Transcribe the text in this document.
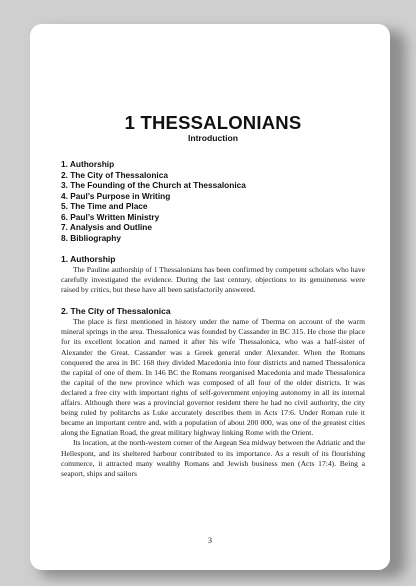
1 THESSALONIANS
Introduction
1. Authorship
2. The City of Thessalonica
3. The Founding of the Church at Thessalonica
4. Paul’s Purpose in Writing
5. The Time and Place
6. Paul’s Written Ministry
7. Analysis and Outline
8. Bibliography
1. Authorship

The Pauline authorship of 1 Thessalonians has been confirmed by competent scholars who have carefully investigated the evidence. During the last century, objections to its genuineness were raised by critics, but these have all been satisfactorily answered.

2. The City of Thessalonica

The place is first mentioned in history under the name of Therma on account of the warm mineral springs in the area. Thessalonica was founded by Cassander in BC 315. He chose the place for its excellent location and named it after his wife Thessalonica, who was a half-sister of Alexander the Great. Cassander was a Greek general under Alexander. When the Romans conquered the area in BC 168 they divided Macedonia into four districts and named Thessalonica the capital of one of them. In 146 BC the Romans reorganised Macedonia and made Thessalonica the capital of the new province which was composed of all four of the older districts. It was declared a free city with important rights of self-government enjoying autonomy in all its internal affairs. Although there was a provincial governor resident there he had no civil authority, the city being ruled by politarchs as Luke accurately describes them in Acts 17:6. Under Roman rule it became an important centre and, with a population of about 200 000, was one of the greatest cities along the Egnatian Road, the great military highway linking Rome with the Orient.

Its location, at the north-western corner of the Aegean Sea midway between the Adriatic and the Hellespont, and its sheltered harbour contributed to its importance. As a result of its flourishing commerce, it attracted many wealthy Romans and Jewish business men (Acts 17:4). Being a seaport, ships and sailors

3
